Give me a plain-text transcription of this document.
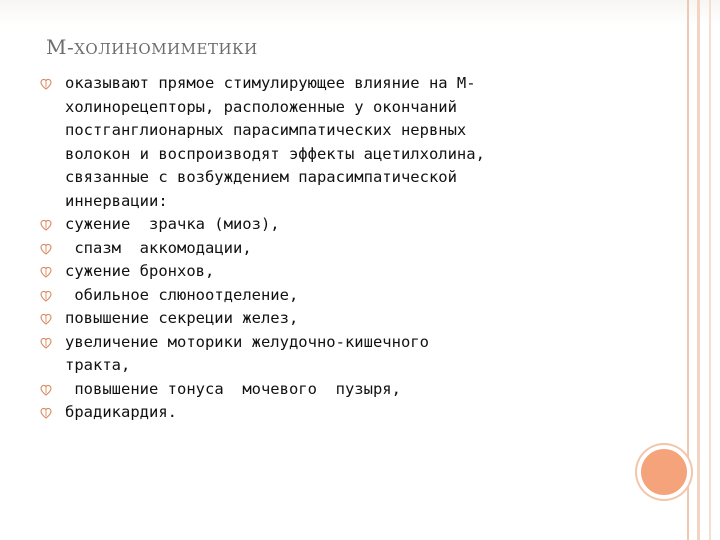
М-ХОЛИНОМИМЕТИКИ
оказывают прямое стимулирующее влияние на М-
холинорецепторы, расположенные у окончаний
постганглионарных парасимпатических нервных
волокон и воспроизводят эффекты ацетилхолина,
связанные с возбуждением парасимпатической
иннервации:
сужение  зрачка (миоз),
спазм  аккомодации,
сужение бронхов,
обильное слюноотделение,
повышение секреции желез,
увеличение моторики желудочно-кишечного
тракта,
повышение тонуса  мочевого  пузыря,
брадикардия.
